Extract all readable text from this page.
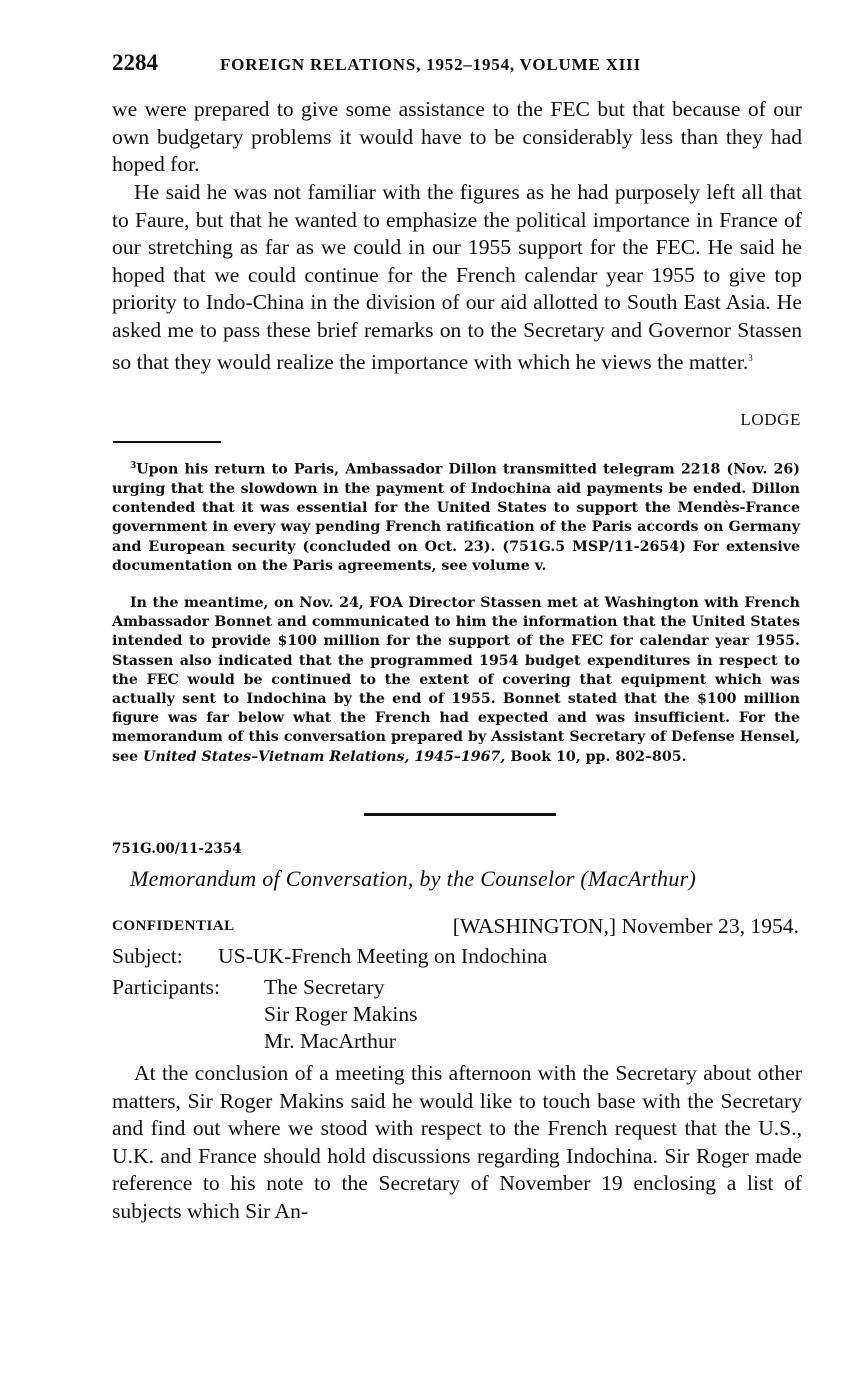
2284	FOREIGN RELATIONS, 1952–1954, VOLUME XIII

we were prepared to give some assistance to the FEC but that because of our own budgetary problems it would have to be considerably less than they had hoped for.

He said he was not familiar with the figures as he had purposely left all that to Faure, but that he wanted to emphasize the political importance in France of our stretching as far as we could in our 1955 support for the FEC. He said he hoped that we could continue for the French calendar year 1955 to give top priority to Indo-China in the division of our aid allotted to South East Asia. He asked me to pass these brief remarks on to the Secretary and Governor Stassen so that they would realize the importance with which he views the matter.$^3$

LODGE

$^3$Upon his return to Paris, Ambassador Dillon transmitted telegram 2218 (Nov. 26) urging that the slowdown in the payment of Indochina aid payments be ended. Dillon contended that it was essential for the United States to support the Mendès-France government in every way pending French ratification of the Paris accords on Germany and European security (concluded on Oct. 23). (751G.5 MSP/11-2654) For extensive documentation on the Paris agreements, see volume v.

In the meantime, on Nov. 24, FOA Director Stassen met at Washington with French Ambassador Bonnet and communicated to him the information that the United States intended to provide $100 million for the support of the FEC for calendar year 1955. Stassen also indicated that the programmed 1954 budget expenditures in respect to the FEC would be continued to the extent of covering that equipment which was actually sent to Indochina by the end of 1955. Bonnet stated that the $100 million figure was far below what the French had expected and was insufficient. For the memorandum of this conversation prepared by Assistant Secretary of Defense Hensel, see United States–Vietnam Relations, 1945–1967, Book 10, pp. 802–805.

751G.00/11-2354
Memorandum of Conversation, by the Counselor (MacArthur)
CONFIDENTIAL	[WASHINGTON,] November 23, 1954.
Subject: US-UK-French Meeting on Indochina
Participants:	The Secretary
Sir Roger Makins
Mr. MacArthur

At the conclusion of a meeting this afternoon with the Secretary about other matters, Sir Roger Makins said he would like to touch base with the Secretary and find out where we stood with respect to the French request that the U.S., U.K. and France should hold discussions regarding Indochina. Sir Roger made reference to his note to the Secretary of November 19 enclosing a list of subjects which Sir An-
